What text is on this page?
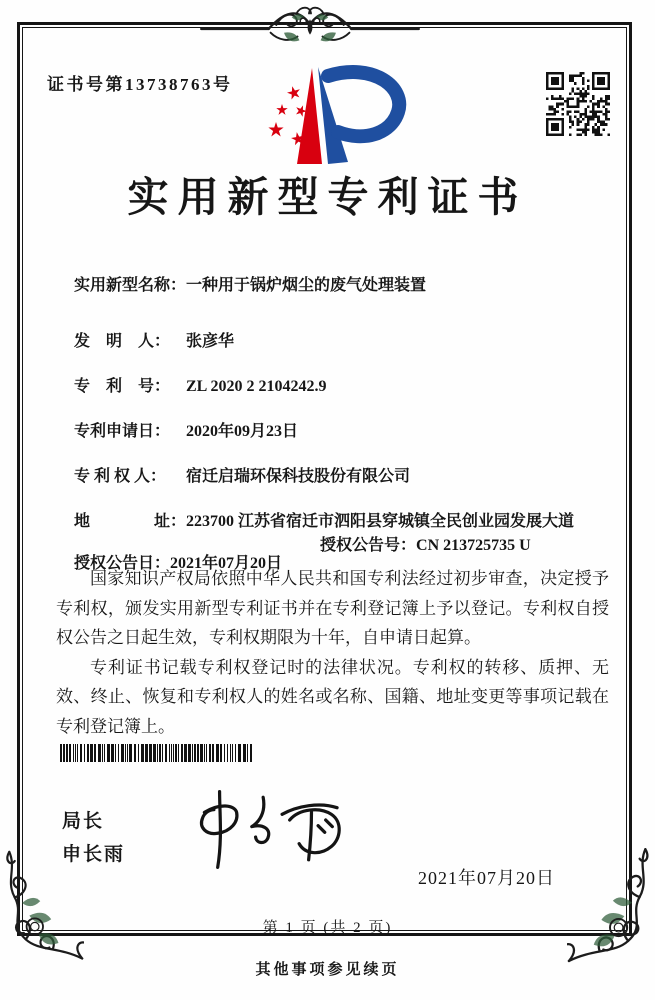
证书号第13738763号
实用新型专利证书

实用新型名称：一种用于锅炉烟尘的废气处理装置

发　明　人： 张彦华

专　利　号： ZL 2020 2 2104242.9

专利申请日： 2020年09月23日

专 利 权 人： 宿迁启瑞环保科技股份有限公司

地　　　　址：223700 江苏省宿迁市泗阳县穿城镇全民创业园发展大道

授权公告日：2021年07月20日

授权公告号：CN 213725735 U

国家知识产权局依照中华人民共和国专利法经过初步审查，决定授予专利权，颁发实用新型专利证书并在专利登记簿上予以登记。专利权自授权公告之日起生效，专利权期限为十年，自申请日起算。

专利证书记载专利权登记时的法律状况。专利权的转移、质押、无效、终止、恢复和专利权人的姓名或名称、国籍、地址变更等事项记载在专利登记簿上。

局长
申长雨
2021年07月20日
第 1 页 (共 2 页)
其他事项参见续页
